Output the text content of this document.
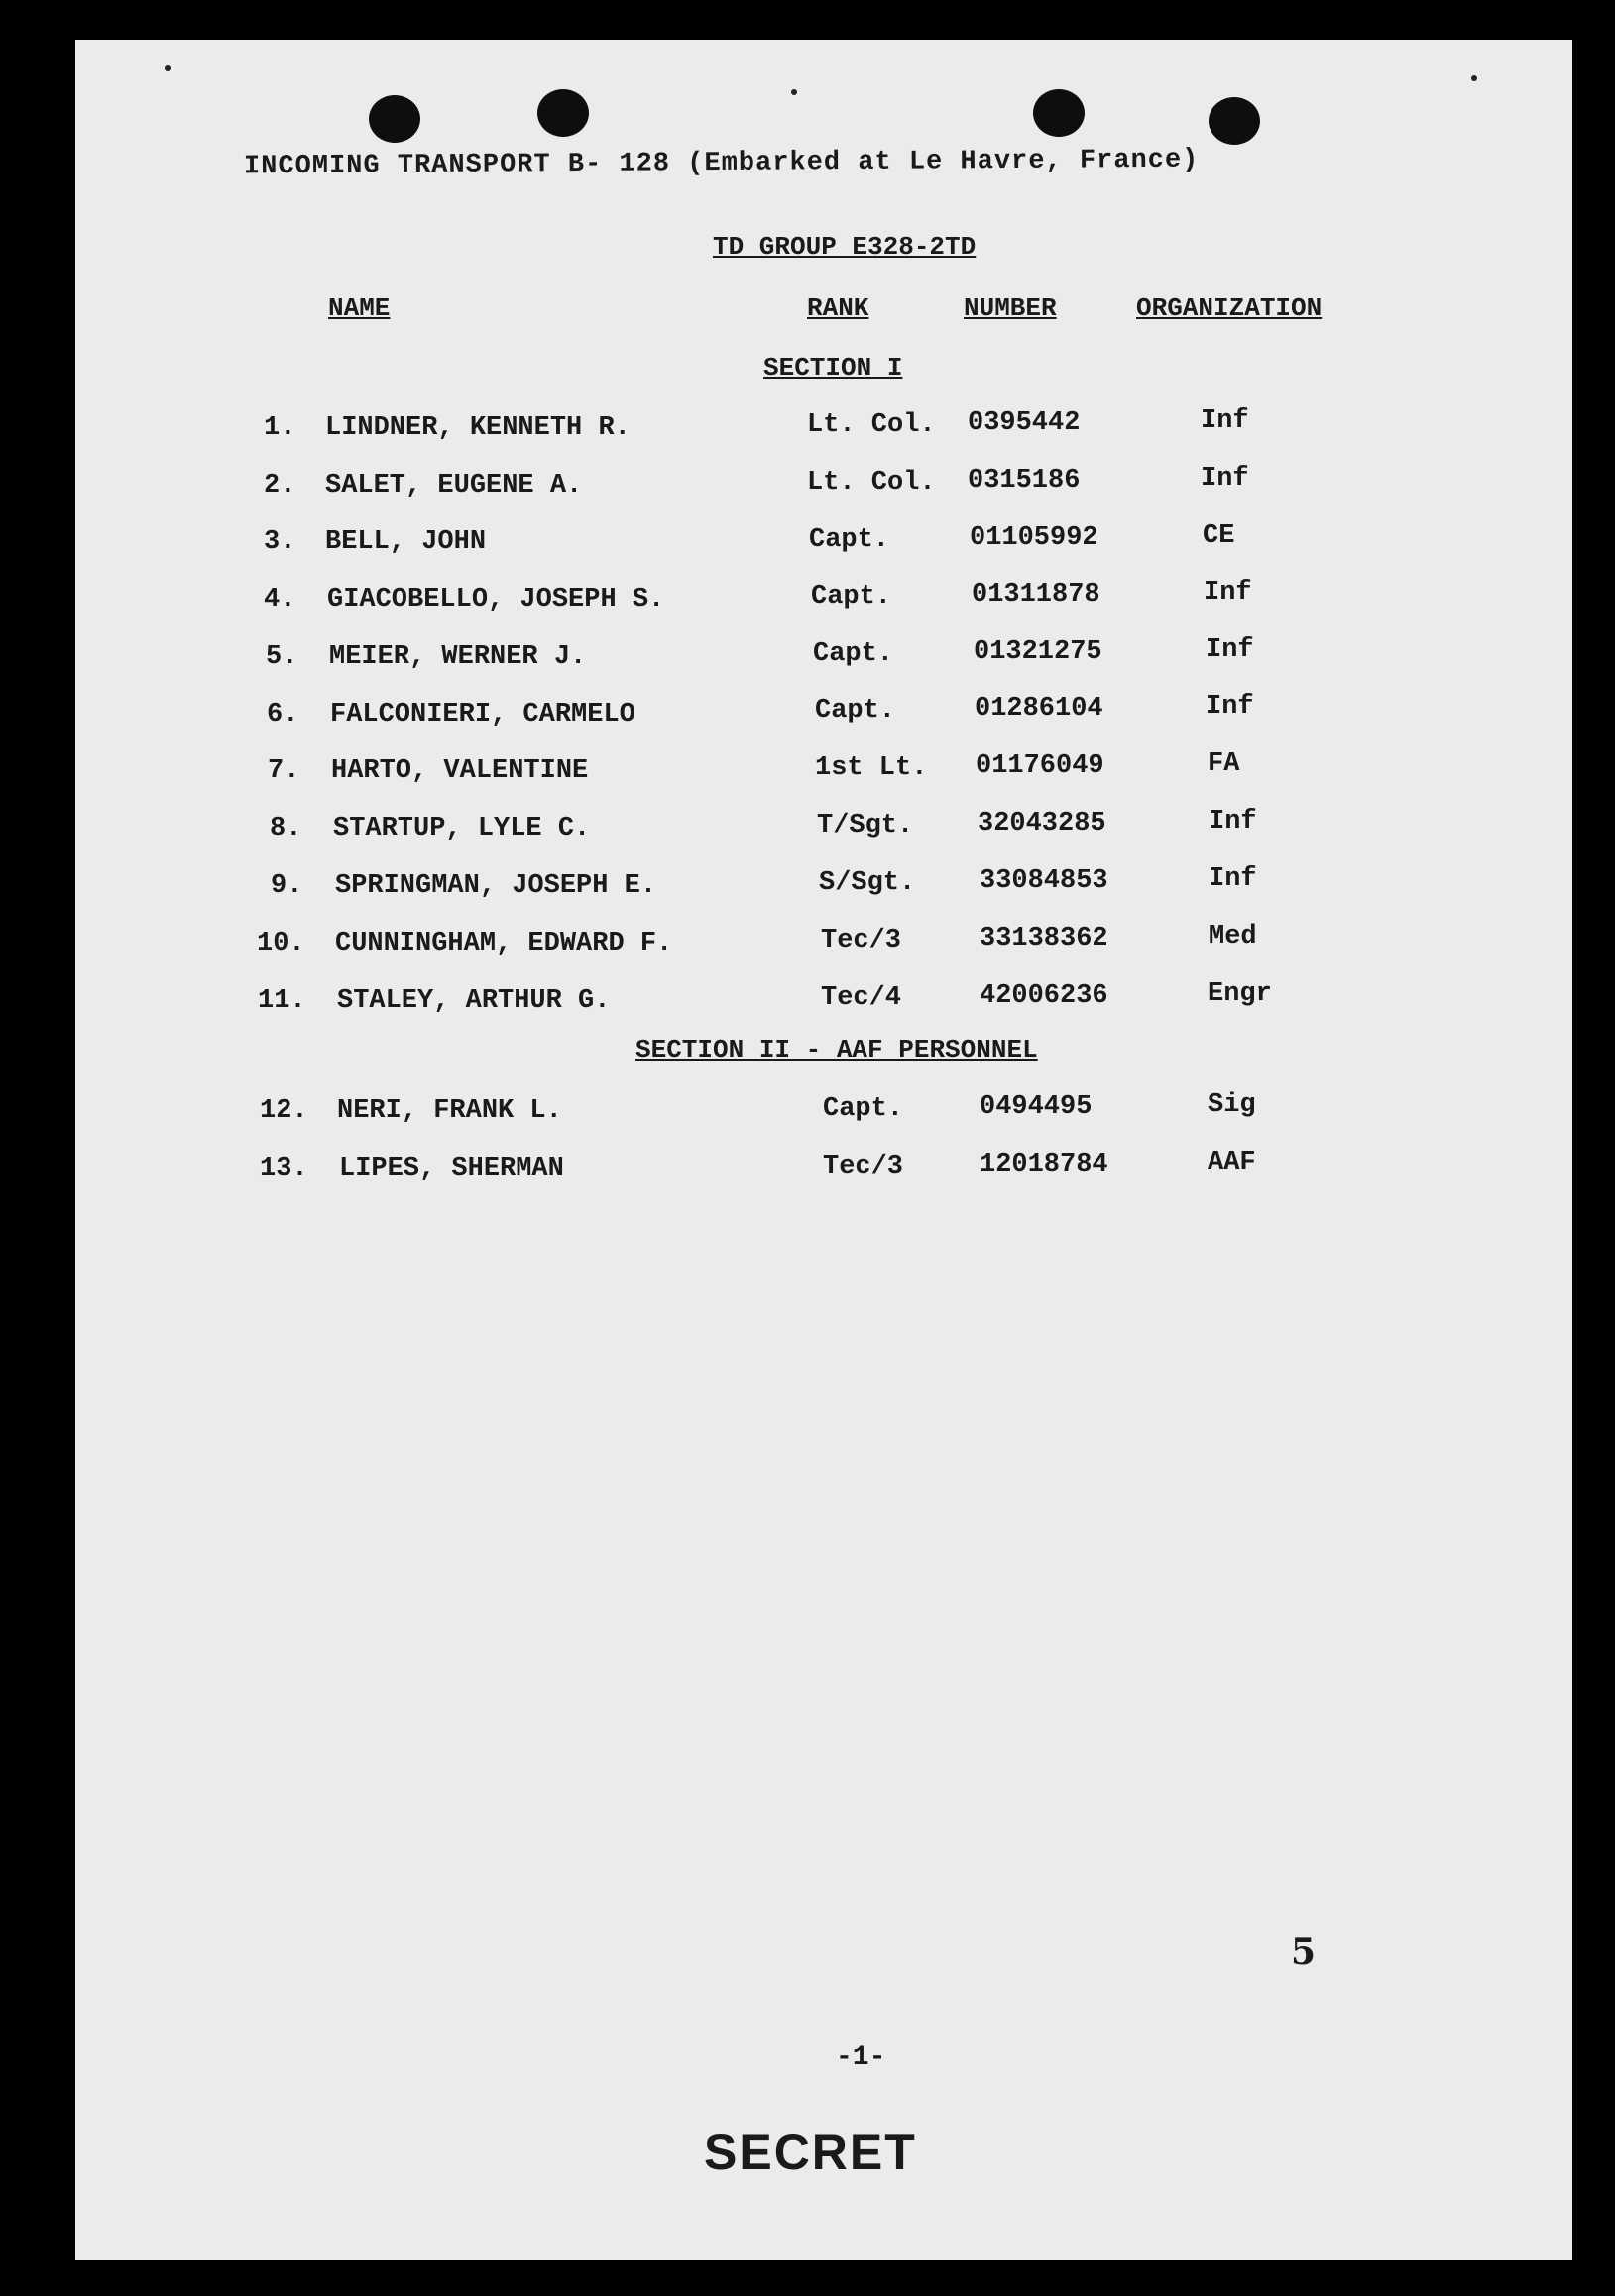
INCOMING TRANSPORT B- 128 (Embarked at Le Havre, France)
TD GROUP E328-2TD
NAME	RANK	NUMBER	ORGANIZATION
SECTION I
1. LINDNER, KENNETH R.	Lt. Col. 0395442	Inf
2. SALET, EUGENE A.	Lt. Col. 0315186	Inf
3. BELL, JOHN	Capt.	01105992	CE
4. GIACOBELLO, JOSEPH S.	Capt.	01311878	Inf
5. MEIER, WERNER J.	Capt.	01321275	Inf
6. FALCONIERI, CARMELO	Capt.	01286104	Inf
7. HARTO, VALENTINE	1st Lt. 01176049	FA
8. STARTUP, LYLE C.	T/Sgt. 32043285	Inf
9. SPRINGMAN, JOSEPH E.	S/Sgt. 33084853	Inf
10. CUNNINGHAM, EDWARD F.	Tec/3	33138362	Med
11. STALEY, ARTHUR G.	Tec/4	42006236	Engr
SECTION II - AAF PERSONNEL
12. NERI, FRANK L.	Capt.	0494495	Sig
13. LIPES, SHERMAN	Tec/3	12018784	AAF
5
-1-
SECRET
